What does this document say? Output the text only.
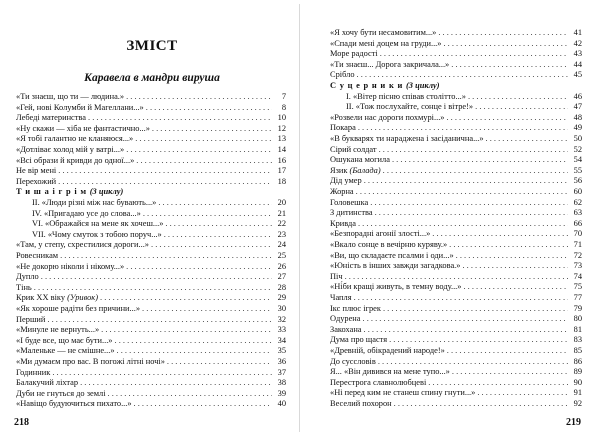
ЗМІСТ
Каравела в мандри вируша
«Ти знаєш, що ти — людина.» . . .	7
«Гей, нові Колумби й Магеллани...» . . .	8
Лебеді материнства . . .	10
«Ну скажи — хіба не фантастично...» . . .	12
«Я тобі галантно не кланяюся...» . . .	13
«Дотліває холод мій у ватрі...» . . .	14
«Всі образи й кривди до одної...» . . .	16
Не вір мені . . .	17
Перехожий . . .	18
Т и ш а і г р і м (3 циклу)
II. «Люди різні між нас бувають...» . . .	20
IV. «Пригадаю усе до слова...» . . .	21
VI. «Ображайся на мене як хочеш...» . . .	22
VII. «Чому смуток з тобою поруч...» . . .	23
«Там, у степу, схрестилися дороги...» . . .	24
Ровесникам . . .	25
«Не докорю ніколи і нікому...» . . .	26
Дупло . . .	27
Тінь . . .	28
Крик XX віку (Уривок) . . .	29
«Як хороше радіти без причини...» . . .	30
Перший . . .	32
«Минуле не вернуть...» . . .	33
«І буде все, що має бути...» . . .	34
«Маленьке — не смішне...» . . .	35
«Ми думаєм про вас. В погожі літні ночі» . . .	36
Годинник . . .	37
Балакучий ліхтар . . .	38
Дуби не гнуться до землі . . .	39
«Навіщо будуючиться пихато...» . . .	40
218
«Я хочу бути несамовитим...» . . .	41
«Спади мені доцем на груди...» . . .	42
Море радості . . .	43
«Ти знаєш... Дорога закричала...» . . .	44
Срібло . . .	45
С у ц е р н и к и (3 циклу)
I. «Вітер пісню співав столітто...» . . .	46
II. «Тож послухайте, сонце і вітре!» . . .	47
«Розвели нас дороги похмурі...» . . .	48
Покара . . .	49
«В букварях ти нараджена і засіданична...» . . .	50
Сірий солдат . . .	52
Ошукана могила . . .	54
Язик (Балада) . . .	55
Дід умер . . .	56
Жорна . . .	60
Головешка . . .	62
З дитинства . . .	63
Кривда . . .	66
«Безпорадні агонії злості...» . . .	70
«Вкало сонце в вечірню куряву.» . . .	71
«Ви, що складаєте псалми і оди...» . . .	72
«Юність в інших завжди загадкова.» . . .	73
Піч . . .	74
«Ні́би кращі живуть, в темну воду...» . . .	75
Чапля . . .	77
Ікс плюс ігрек . . .	79
Одурена . . .	80
Закохана . . .	81
Дума про щастя . . .	83
«Древній, обікрадений народе!» . . .	85
До суссловів . . .	86
Я... «Він дивився на мене тупо...» . . .	89
Перестрога славнолюбцеві . . .	90
«Ні перед ким не станеш спину гнути...» . . .	91
Веселий похорон . . .	92
219
